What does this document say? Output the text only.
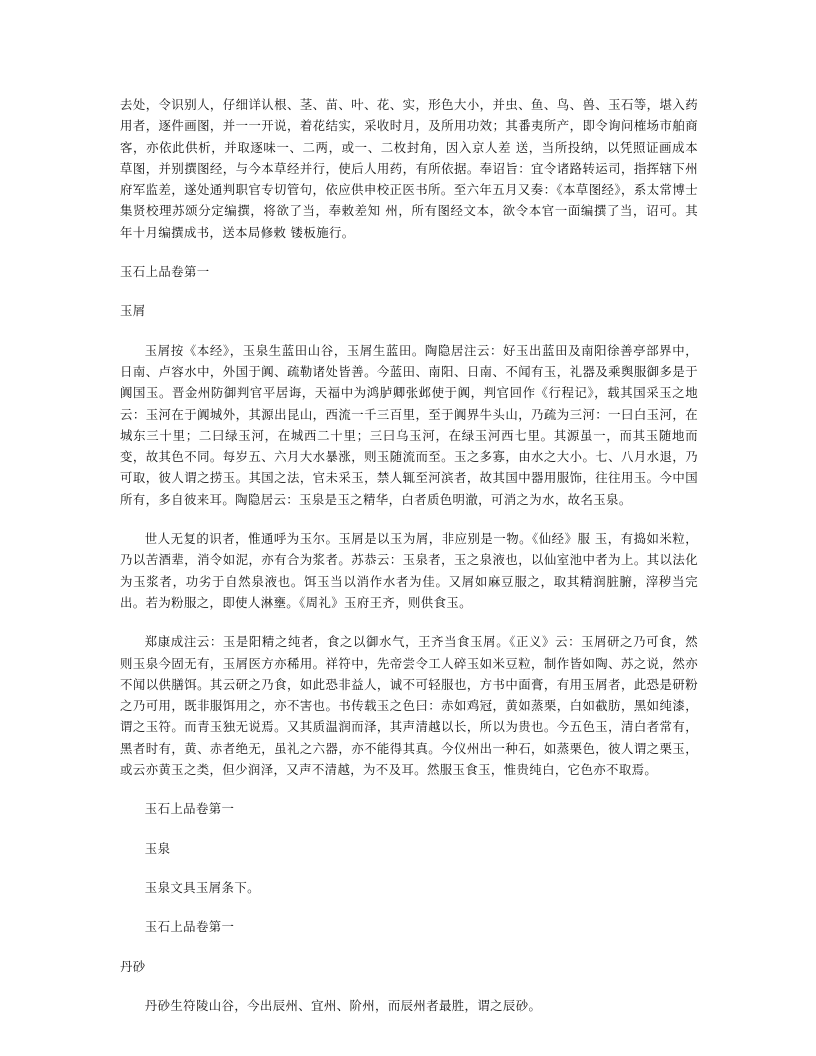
去处，令识别人，仔细详认根、茎、苗、叶、花、实，形色大小，并虫、鱼、鸟、兽、玉石等，堪入药用者，逐件画图，并一一开说，着花结实，采收时月，及所用功效；其番夷所产，即令询问榷场市舶商客，亦依此供析，并取逐味一、二两，或一、二枚封角，因入京人差 送，当所投纳，以凭照证画成本草图，并别撰图经，与今本草经并行，使后人用药，有所依据。奉诏旨：宜令诸路转运司，指挥辖下州府军监差，遂处通判职官专切管句，依应供申校正医书所。至六年五月又奏：《本草图经》，系太常博士集贤校理苏颂分定编撰，将欲了当，奉敕差知 州，所有图经文本，欲令本官一面编撰了当，诏可。其年十月编撰成书，送本局修敕 镂板施行。

玉石上品卷第一

玉屑

玉屑按《本经》，玉泉生蓝田山谷，玉屑生蓝田。陶隐居注云：好玉出蓝田及南阳徐善亭部界中，日南、卢容水中，外国于阗、疏勒诸处皆善。今蓝田、南阳、日南、不闻有玉，礼器及乘舆服御多是于阗国玉。晋金州防御判官平居诲，天福中为鸿胪卿张邺使于阗，判官回作《行程记》，载其国采玉之地云：玉河在于阗城外，其源出昆山，西流一千三百里，至于阗界牛头山，乃疏为三河：一曰白玉河，在城东三十里；二曰绿玉河，在城西二十里；三曰乌玉河，在绿玉河西七里。其源虽一，而其玉随地而变，故其色不同。每岁五、六月大水暴涨，则玉随流而至。玉之多寡，由水之大小。七、八月水退，乃可取，彼人谓之捞玉。其国之法，官未采玉，禁人辄至河滨者，故其国中器用服饰，往往用玉。今中国所有，多自彼来耳。陶隐居云：玉泉是玉之精华，白者质色明澈，可消之为水，故名玉泉。

世人无复的识者，惟通呼为玉尔。玉屑是以玉为屑，非应别是一物。《仙经》服 玉，有捣如米粒，乃以苦酒辈，消令如泥，亦有合为浆者。苏恭云：玉泉者，玉之泉液也，以仙室池中者为上。其以法化为玉浆者，功劣于自然泉液也。饵玉当以消作水者为佳。又屑如麻豆服之，取其精润脏腑，滓秽当完出。若为粉服之，即使人淋壅。《周礼》玉府王齐，则供食玉。

郑康成注云：玉是阳精之纯者，食之以御水气，王齐当食玉屑。《正义》云：玉屑研之乃可食，然则玉泉今固无有，玉屑医方亦稀用。祥符中，先帝尝令工人碎玉如米豆粒，制作皆如陶、苏之说，然亦不闻以供膳饵。其云研之乃食，如此恐非益人，诚不可轻服也，方书中面膏，有用玉屑者，此恐是研粉之乃可用，既非服饵用之，亦不害也。书传载玉之色曰：赤如鸡冠，黄如蒸栗，白如截肪，黑如纯漆，谓之玉符。而青玉独无说焉。又其质温润而泽，其声清越以长，所以为贵也。今五色玉，清白者常有，黑者时有，黄、赤者绝无，虽礼之六器，亦不能得其真。今仪州出一种石，如蒸栗色，彼人谓之栗玉，或云亦黄玉之类，但少润泽，又声不清越，为不及耳。然服玉食玉，惟贵纯白，它色亦不取焉。

玉石上品卷第一

玉泉

玉泉文具玉屑条下。

玉石上品卷第一

丹砂

丹砂生符陵山谷，今出辰州、宜州、阶州，而辰州者最胜，谓之辰砂。
